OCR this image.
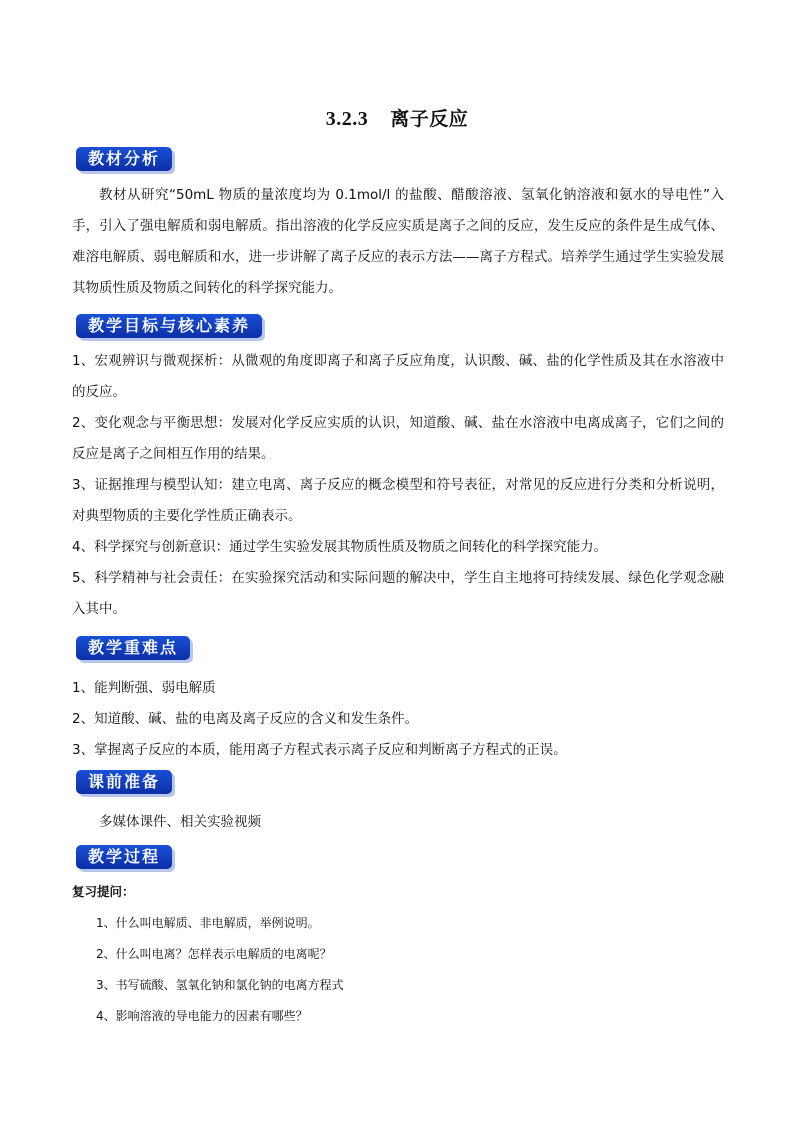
3.2.3 离子反应
教材分析
教材从研究“50mL 物质的量浓度均为 0.1mol/l 的盐酸、醋酸溶液、氢氧化钠溶液和氨水的导电性”入手，引入了强电解质和弱电解质。指出溶液的化学反应实质是离子之间的反应，发生反应的条件是生成气体、难溶电解质、弱电解质和水，进一步讲解了离子反应的表示方法——离子方程式。培养学生通过学生实验发展其物质性质及物质之间转化的科学探究能力。
教学目标与核心素养
1、宏观辨识与微观探析：从微观的角度即离子和离子反应角度，认识酸、碱、盐的化学性质及其在水溶液中的反应。
2、变化观念与平衡思想：发展对化学反应实质的认识，知道酸、碱、盐在水溶液中电离成离子，它们之间的反应是离子之间相互作用的结果。
3、证据推理与模型认知：建立电离、离子反应的概念模型和符号表征，对常见的反应进行分类和分析说明，对典型物质的主要化学性质正确表示。
4、科学探究与创新意识：通过学生实验发展其物质性质及物质之间转化的科学探究能力。
5、科学精神与社会责任：在实验探究活动和实际问题的解决中，学生自主地将可持续发展、绿色化学观念融入其中。
教学重难点
1、能判断强、弱电解质
2、知道酸、碱、盐的电离及离子反应的含义和发生条件。
3、掌握离子反应的本质，能用离子方程式表示离子反应和判断离子方程式的正误。
课前准备
多媒体课件、相关实验视频
教学过程
复习提问：
1、什么叫电解质、非电解质，举例说明。
2、什么叫电离？怎样表示电解质的电离呢？
3、书写硫酸、氢氧化钠和氯化钠的电离方程式
4、影响溶液的导电能力的因素有哪些？
